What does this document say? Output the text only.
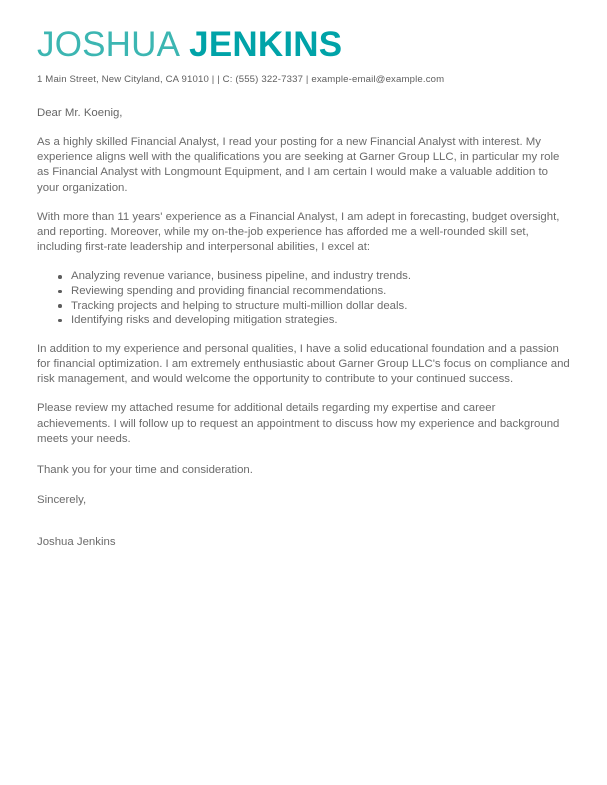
JOSHUA JENKINS
1 Main Street, New Cityland, CA 91010 | | C: (555) 322-7337 | example-email@example.com
Dear Mr. Koenig,

As a highly skilled Financial Analyst, I read your posting for a new Financial Analyst with interest. My experience aligns well with the qualifications you are seeking at Garner Group LLC, in particular my role as Financial Analyst with Longmount Equipment, and I am certain I would make a valuable addition to your organization.

With more than 11 years' experience as a Financial Analyst, I am adept in forecasting, budget oversight, and reporting. Moreover, while my on-the-job experience has afforded me a well-rounded skill set, including first-rate leadership and interpersonal abilities, I excel at:

Analyzing revenue variance, business pipeline, and industry trends.
Reviewing spending and providing financial recommendations.
Tracking projects and helping to structure multi-million dollar deals.
Identifying risks and developing mitigation strategies.

In addition to my experience and personal qualities, I have a solid educational foundation and a passion for financial optimization. I am extremely enthusiastic about Garner Group LLC's focus on compliance and risk management, and would welcome the opportunity to contribute to your continued success.

Please review my attached resume for additional details regarding my expertise and career achievements. I will follow up to request an appointment to discuss how my experience and background meets your needs.

Thank you for your time and consideration.
Sincerely,
Joshua Jenkins
